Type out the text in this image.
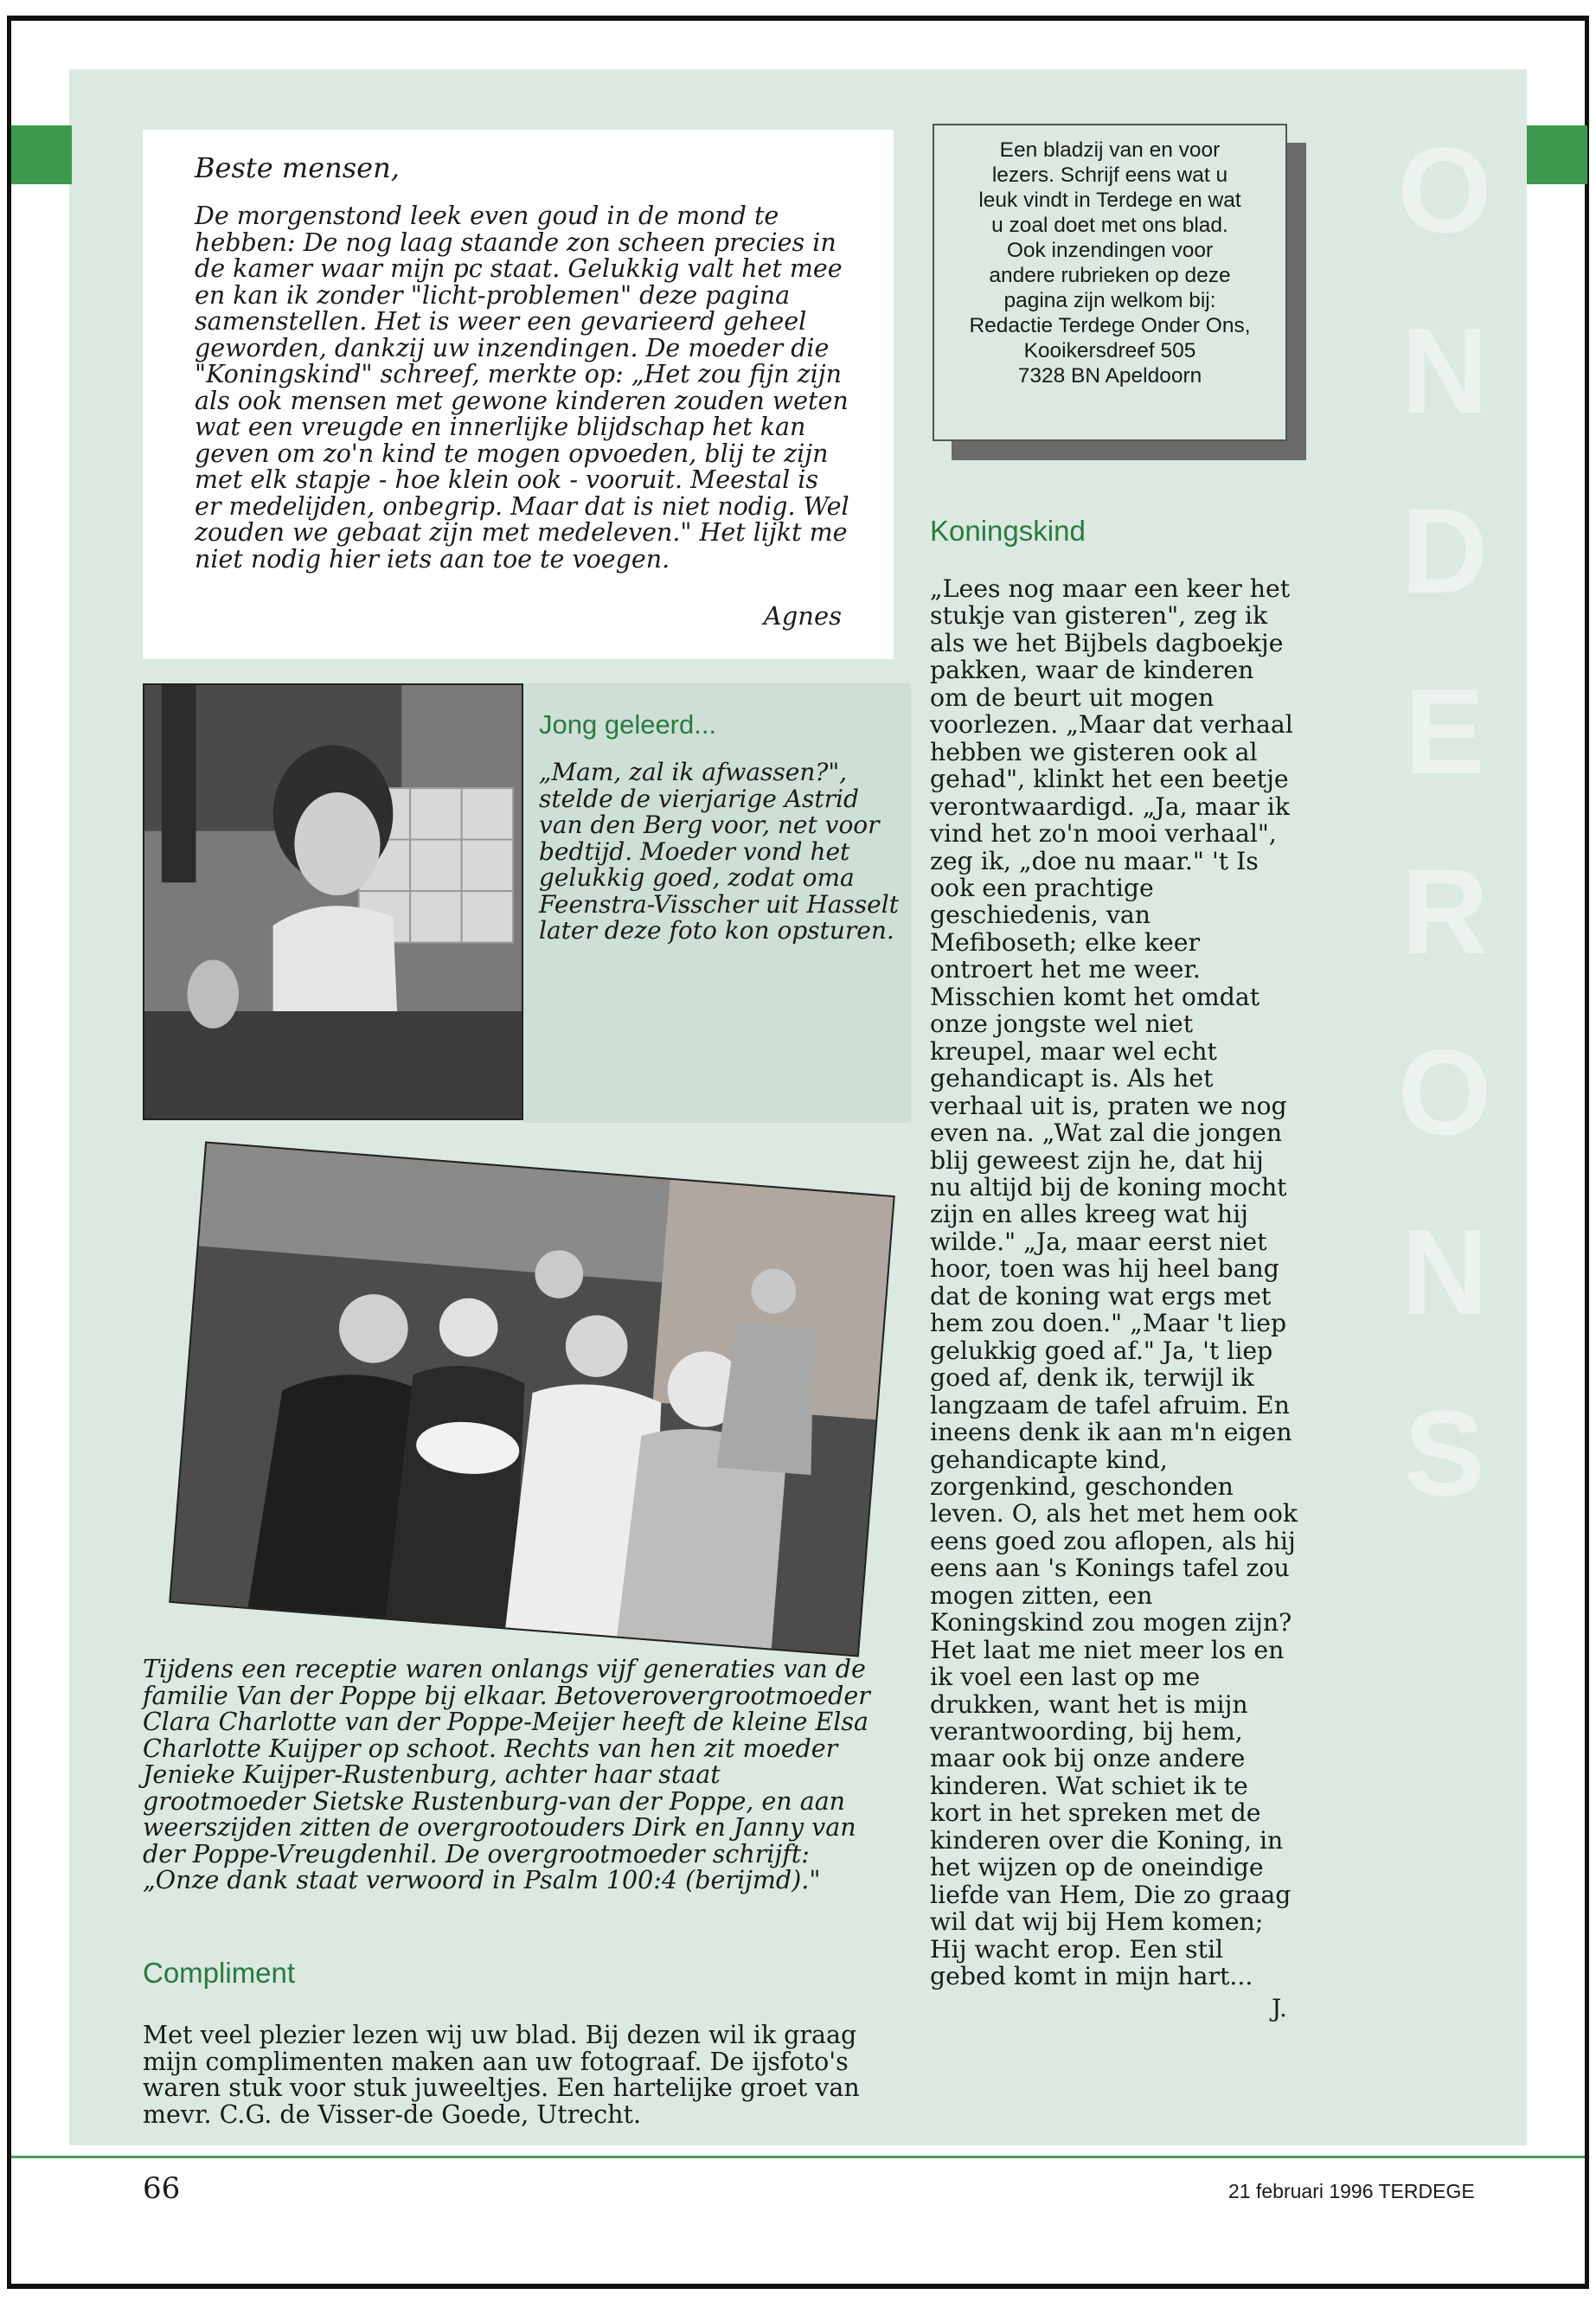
O
N
D
E
R
O
N
S
Beste mensen,
De morgenstond leek even goud in de mond te hebben: De nog laag staande zon scheen precies in de kamer waar mijn pc staat. Gelukkig valt het mee en kan ik zonder "licht-problemen" deze pagina samenstellen. Het is weer een gevarieerd geheel geworden, dankzij uw inzendingen. De moeder die "Koningskind" schreef, merkte op: „Het zou fijn zijn als ook mensen met gewone kinderen zouden weten wat een vreugde en innerlijke blijdschap het kan geven om zo'n kind te mogen opvoeden, blij te zijn met elk stapje - hoe klein ook - vooruit. Meestal is er medelijden, onbegrip. Maar dat is niet nodig. Wel zouden we gebaat zijn met medeleven." Het lijkt me niet nodig hier iets aan toe te voegen.
Agnes
Jong geleerd...
„Mam, zal ik afwassen?", stelde de vierjarige Astrid van den Berg voor, net voor bedtijd. Moeder vond het gelukkig goed, zodat oma Feenstra-Visscher uit Hasselt later deze foto kon opsturen.
Tijdens een receptie waren onlangs vijf generaties van de familie Van der Poppe bij elkaar. Betoverovergrootmoeder Clara Charlotte van der Poppe-Meijer heeft de kleine Elsa Charlotte Kuijper op schoot. Rechts van hen zit moeder Jenieke Kuijper-Rustenburg, achter haar staat grootmoeder Sietske Rustenburg-van der Poppe, en aan weerszijden zitten de overgrootouders Dirk en Janny van der Poppe-Vreugdenhil. De overgrootmoeder schrijft: „Onze dank staat verwoord in Psalm 100:4 (berijmd)."
Compliment
Met veel plezier lezen wij uw blad. Bij dezen wil ik graag mijn complimenten maken aan uw fotograaf. De ijsfoto's waren stuk voor stuk juweeltjes. Een hartelijke groet van mevr. C.G. de Visser-de Goede, Utrecht.
Een bladzij van en voor
lezers. Schrijf eens wat u
leuk vindt in Terdege en wat
u zoal doet met ons blad.
Ook inzendingen voor
andere rubrieken op deze
pagina zijn welkom bij:
Redactie Terdege Onder Ons,
Kooikersdreef 505
7328 BN Apeldoorn
Koningskind
„Lees nog maar een keer het stukje van gisteren", zeg ik als we het Bijbels dagboekje pakken, waar de kinderen om de beurt uit mogen voorlezen. „Maar dat verhaal hebben we gisteren ook al gehad", klinkt het een beetje verontwaardigd. „Ja, maar ik vind het zo'n mooi verhaal", zeg ik, „doe nu maar." 't Is ook een prachtige geschiedenis, van Mefiboseth; elke keer ontroert het me weer. Misschien komt het omdat onze jongste wel niet kreupel, maar wel echt gehandicapt is. Als het verhaal uit is, praten we nog even na. „Wat zal die jongen blij geweest zijn he, dat hij nu altijd bij de koning mocht zijn en alles kreeg wat hij wilde." „Ja, maar eerst niet hoor, toen was hij heel bang dat de koning wat ergs met hem zou doen." „Maar 't liep gelukkig goed af." Ja, 't liep goed af, denk ik, terwijl ik langzaam de tafel afruim. En ineens denk ik aan m'n eigen gehandicapte kind, zorgenkind, geschonden leven. O, als het met hem ook eens goed zou aflopen, als hij eens aan 's Konings tafel zou mogen zitten, een Koningskind zou mogen zijn? Het laat me niet meer los en ik voel een last op me drukken, want het is mijn verantwoording, bij hem, maar ook bij onze andere kinderen. Wat schiet ik te kort in het spreken met de kinderen over die Koning, in het wijzen op de oneindige liefde van Hem, Die zo graag wil dat wij bij Hem komen; Hij wacht erop. Een stil gebed komt in mijn hart...
J.
66	21 februari 1996 TERDEGE
